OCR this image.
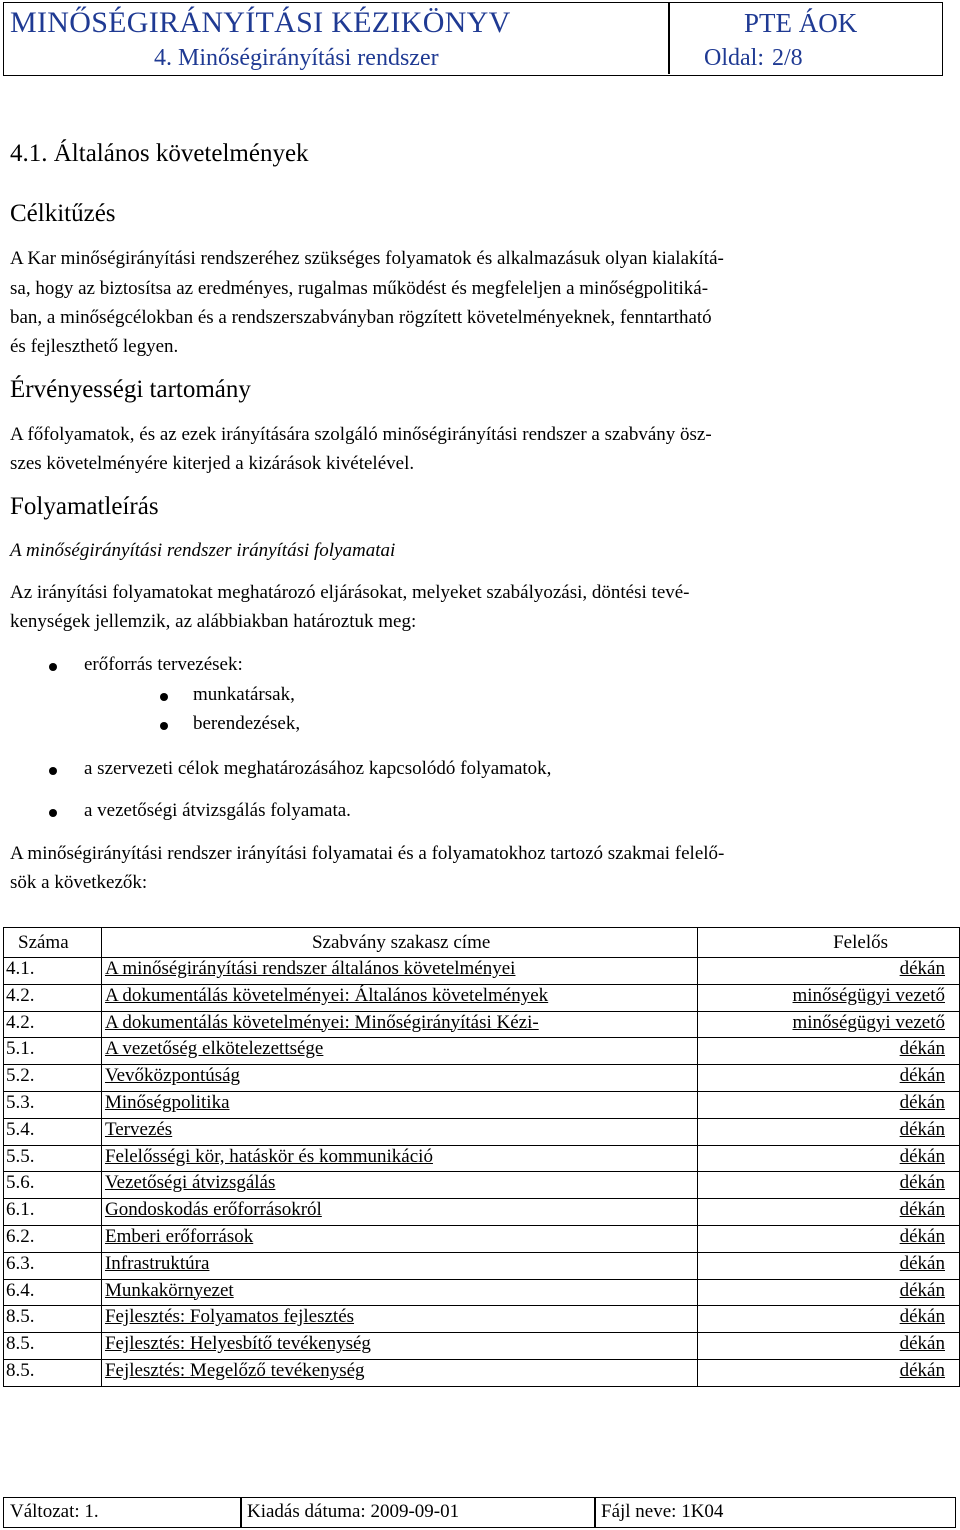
MINŐSÉGIRÁNYÍTÁSI KÉZIKÖNYV	PTE ÁOK
4. Minőségirányítási rendszer	Oldal: 2/8
4.1. Általános követelmények
Célkitűzés
A Kar minőségirányítási rendszeréhez szükséges folyamatok és alkalmazásuk olyan kialakítá-
sa, hogy az biztosítsa az eredményes, rugalmas működést és megfeleljen a minőségpolitiká-
ban, a minőségcélokban és a rendszerszabványban rögzített követelményeknek, fenntartható
és fejleszthető legyen.
Érvényességi tartomány
A főfolyamatok, és az ezek irányítására szolgáló minőségirányítási rendszer a szabvány ösz-
szes követelményére kiterjed a kizárások kivételével.
Folyamatleírás
A minőségirányítási rendszer irányítási folyamatai
Az irányítási folyamatokat meghatározó eljárásokat, melyeket szabályozási, döntési tevé-
kenységek jellemzik, az alábbiakban határoztuk meg:
erőforrás tervezések:
munkatársak,
berendezések,
a szervezeti célok meghatározásához kapcsolódó folyamatok,
a vezetőségi átvizsgálás folyamata.
A minőségirányítási rendszer irányítási folyamatai és a folyamatokhoz tartozó szakmai felelő-
sök a következők:
Száma	Szabvány szakasz címe	Felelős
4.1.	A minőségirányítási rendszer általános követelményei	dékán
4.2.	A dokumentálás követelményei: Általános követelmények	minőségügyi vezető
4.2.	A dokumentálás követelményei: Minőségirányítási Kézi-	minőségügyi vezető
5.1.	A vezetőség elkötelezettsége	dékán
5.2.	Vevőközpontúság	dékán
5.3.	Minőségpolitika	dékán
5.4.	Tervezés	dékán
5.5.	Felelősségi kör, hatáskör és kommunikáció	dékán
5.6.	Vezetőségi átvizsgálás	dékán
6.1.	Gondoskodás erőforrásokról	dékán
6.2.	Emberi erőforrások	dékán
6.3.	Infrastruktúra	dékán
6.4.	Munkakörnyezet	dékán
8.5.	Fejlesztés: Folyamatos fejlesztés	dékán
8.5.	Fejlesztés: Helyesbítő tevékenység	dékán
8.5.	Fejlesztés: Megelőző tevékenység	dékán
Változat: 1.	Kiadás dátuma: 2009-09-01	Fájl neve: 1K04
